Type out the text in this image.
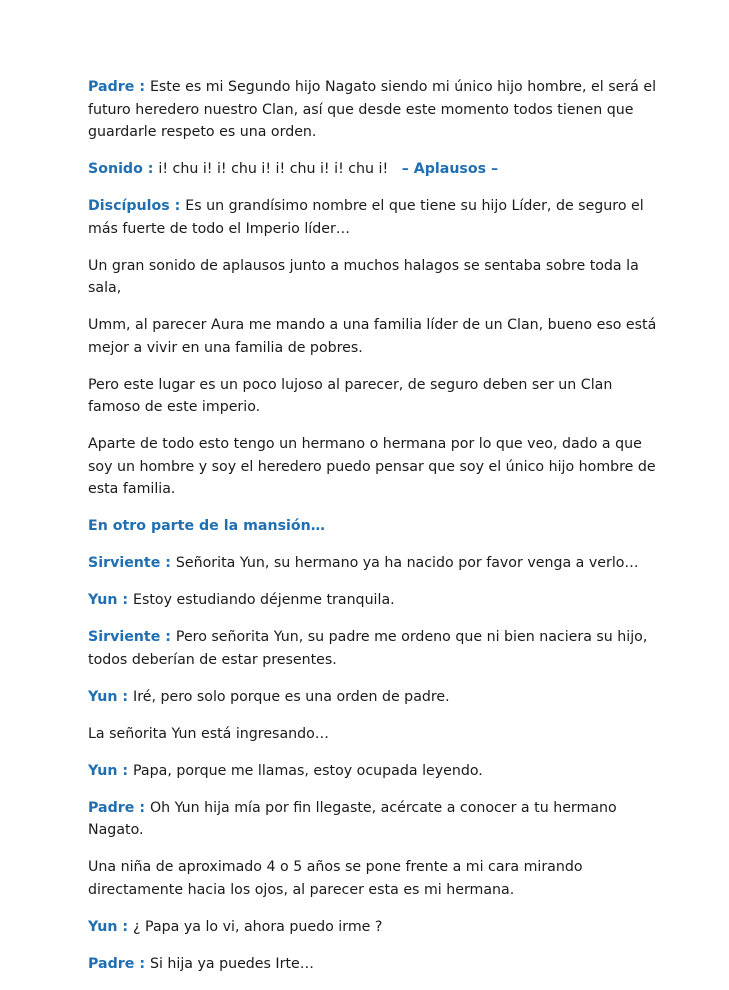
Padre : Este es mi Segundo hijo Nagato siendo mi único hijo hombre, el será el futuro heredero nuestro Clan, así que desde este momento todos tienen que guardarle respeto es una orden.

Sonido : i! chu i! i! chu i! i! chu i! i! chu i!   – Aplausos –

Discípulos : Es un grandísimo nombre el que tiene su hijo Líder, de seguro el más fuerte de todo el Imperio líder…

Un gran sonido de aplausos junto a muchos halagos se sentaba sobre toda la sala,

Umm, al parecer Aura me mando a una familia líder de un Clan, bueno eso está mejor a vivir en una familia de pobres.

Pero este lugar es un poco lujoso al parecer, de seguro deben ser un Clan famoso de este imperio.

Aparte de todo esto tengo un hermano o hermana por lo que veo, dado a que soy un hombre y soy el heredero puedo pensar que soy el único hijo hombre de esta familia.

En otro parte de la mansión…

Sirviente : Señorita Yun, su hermano ya ha nacido por favor venga a verlo…

Yun : Estoy estudiando déjenme tranquila.

Sirviente : Pero señorita Yun, su padre me ordeno que ni bien naciera su hijo, todos deberían de estar presentes.

Yun : Iré, pero solo porque es una orden de padre.

La señorita Yun está ingresando…

Yun : Papa, porque me llamas, estoy ocupada leyendo.

Padre : Oh Yun hija mía por fin llegaste, acércate a conocer a tu hermano Nagato.

Una niña de aproximado 4 o 5 años se pone frente a mi cara mirando directamente hacia los ojos, al parecer esta es mi hermana.

Yun : ¿ Papa ya lo vi, ahora puedo irme ?

Padre : Si hija ya puedes Irte…
